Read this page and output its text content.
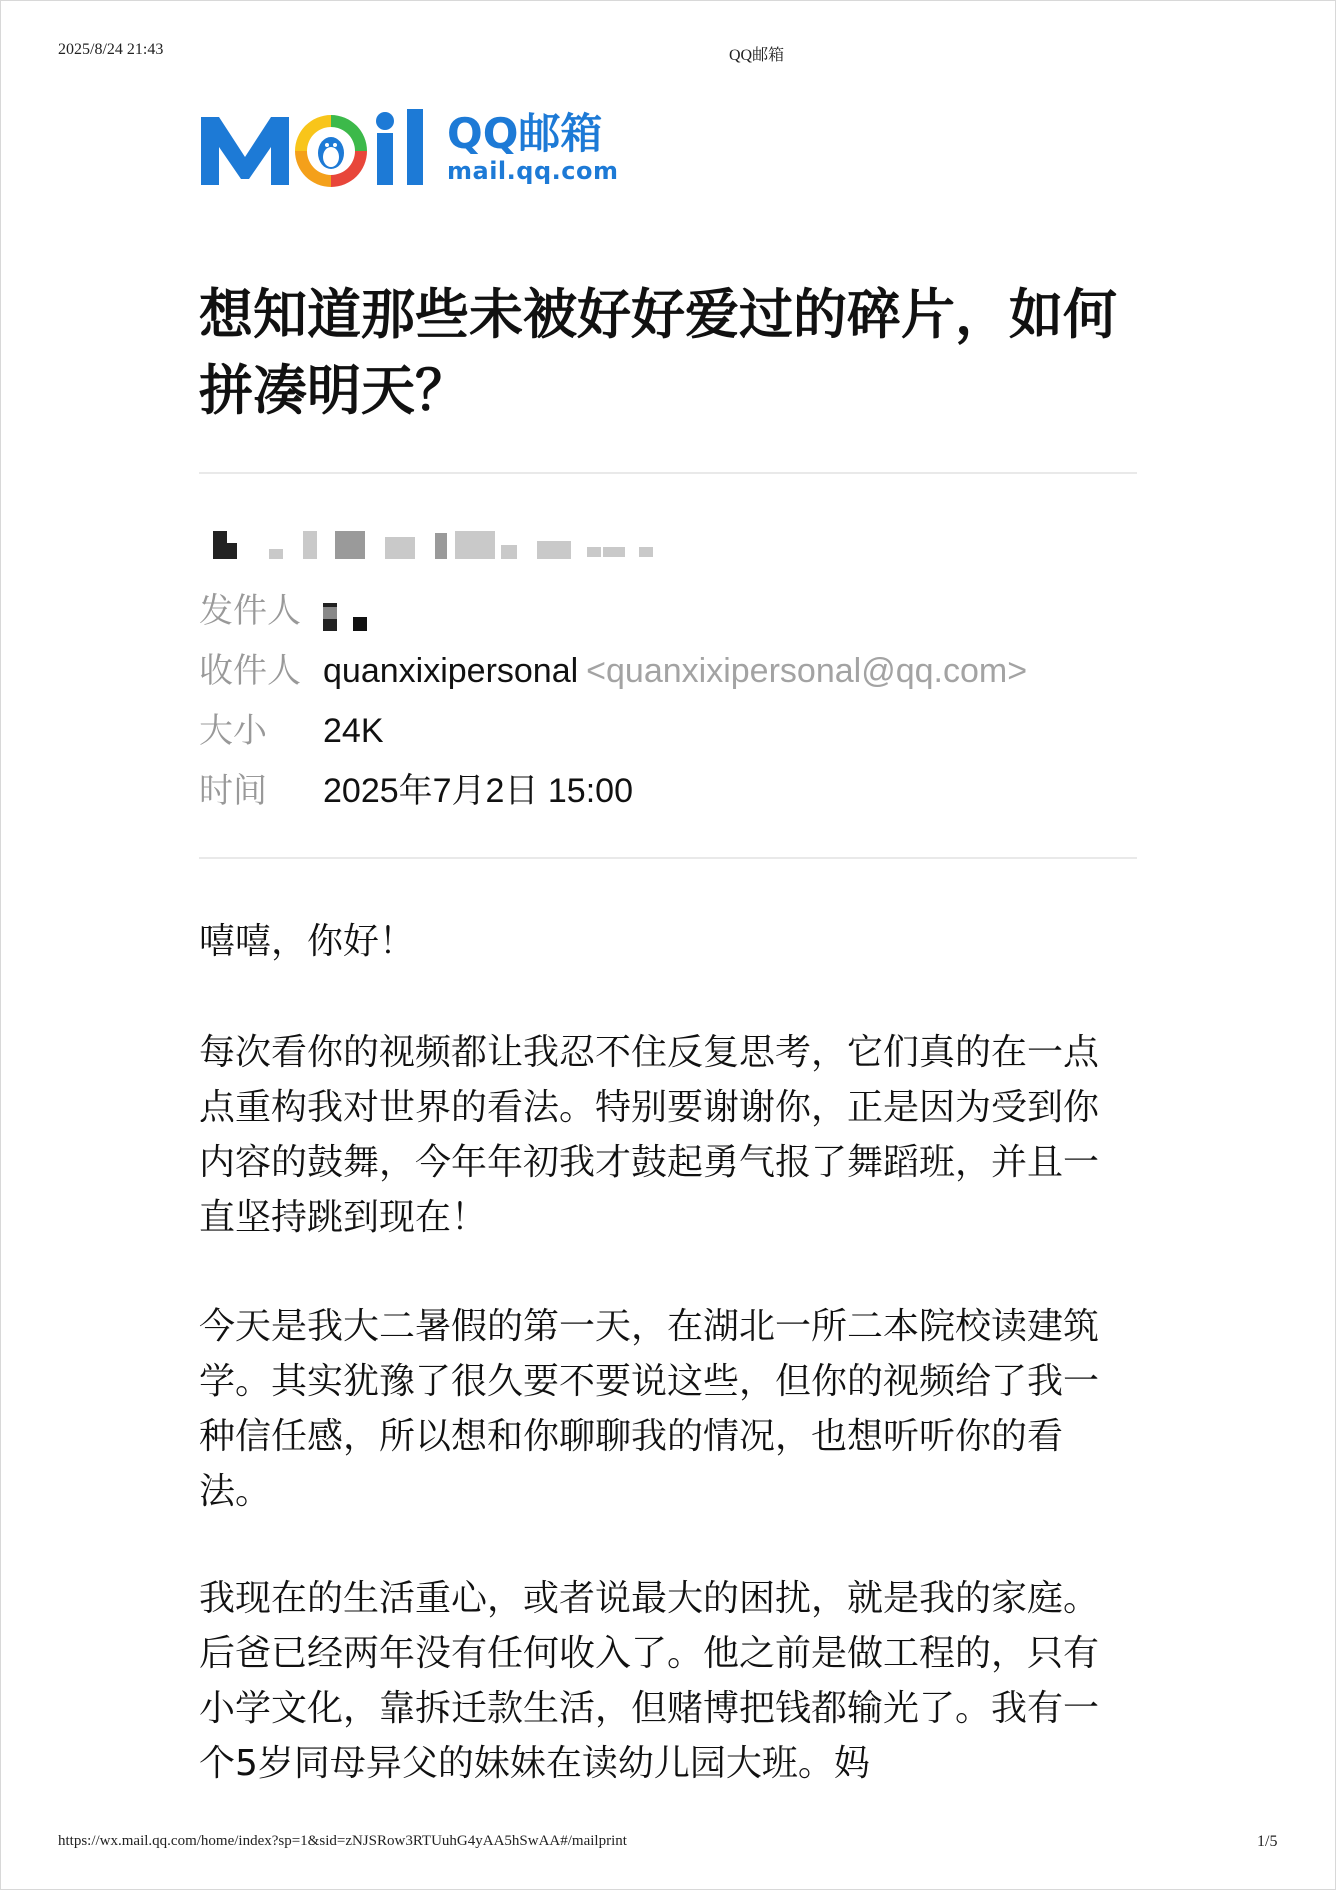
2025/8/24 21:43	QQ邮箱
QQ邮箱
mail.qq.com
想知道那些未被好好爱过的碎片，如何拼凑明天？
发件人
收件人 quanxixipersonal <quanxixipersonal@qq.com>
大小 24K
时间 2025年7月2日 15:00

嘻嘻，你好！

每次看你的视频都让我忍不住反复思考，它们真的在一点点重构我对世界的看法。特别要谢谢你，正是因为受到你内容的鼓舞，今年年初我才鼓起勇气报了舞蹈班，并且一直坚持跳到现在！

今天是我大二暑假的第一天，在湖北一所二本院校读建筑学。其实犹豫了很久要不要说这些，但你的视频给了我一种信任感，所以想和你聊聊我的情况，也想听听你的看法。

我现在的生活重心，或者说最大的困扰，就是我的家庭。后爸已经两年没有任何收入了。他之前是做工程的，只有小学文化，靠拆迁款生活，但赌博把钱都输光了。我有一个5岁同母异父的妹妹在读幼儿园大班。妈

https://wx.mail.qq.com/home/index?sp=1&sid=zNJSRow3RTUuhG4yAA5hSwAA#/mailprint	1/5
